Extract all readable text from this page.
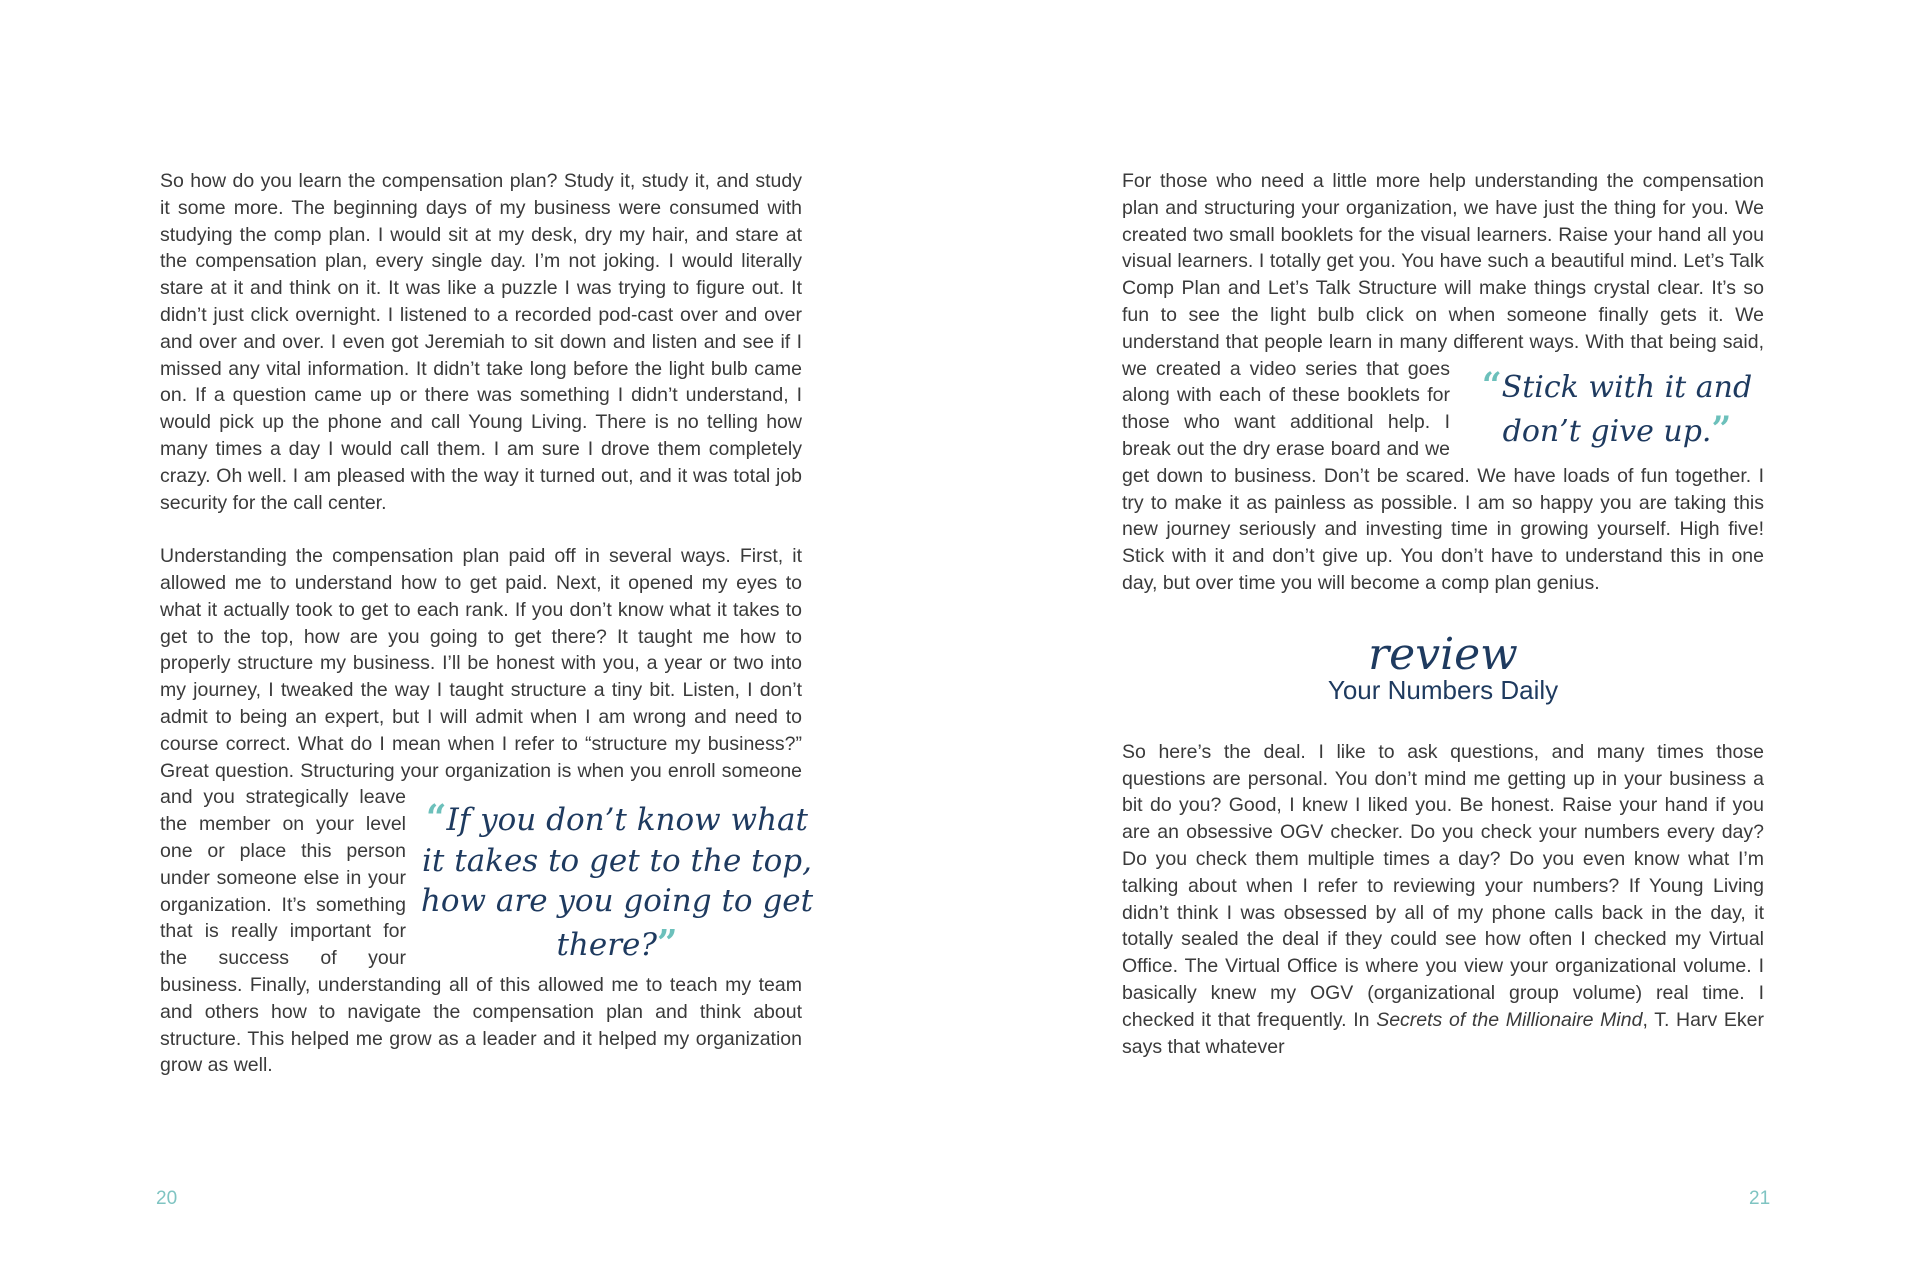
So how do you learn the compensation plan? Study it, study it, and study it some more. The beginning days of my business were consumed with studying the comp plan. I would sit at my desk, dry my hair, and stare at the compensation plan, every single day. I’m not joking. I would literally stare at it and think on it. It was like a puzzle I was trying to figure out. It didn’t just click overnight. I listened to a recorded pod-cast over and over and over and over. I even got Jeremiah to sit down and listen and see if I missed any vital information. It didn’t take long before the light bulb came on. If a question came up or there was something I didn’t understand, I would pick up the phone and call Young Living. There is no telling how many times a day I would call them. I am sure I drove them completely crazy. Oh well. I am pleased with the way it turned out, and it was total job security for the call center.

Understanding the compensation plan paid off in several ways. First, it allowed me to understand how to get paid. Next, it opened my eyes to what it actually took to get to each rank. If you don’t know what it takes to get to the top, how are you going to get there? It taught me how to properly structure my business. I’ll be honest with you, a year or two into my journey, I tweaked the way I taught structure a tiny bit. Listen, I don’t admit to being an expert, but I will admit when I am wrong and need to course correct. What do I mean when I refer to “structure my business?” Great question. Structuring your organization is when
“If you don’t know what it takes to get to the top, how are you going to get there?”
you enroll someone and you strategically leave the member on your level one or place this person under someone else in your organization. It’s something that is really important for the success of your business. Finally, understanding all of this allowed me to teach my team and others how to navigate the compensation plan and think about structure. This helped me grow as a leader and it helped my organization grow as well.
20
For those who need a little more help understanding the compensation plan and structuring your organization, we have just the thing for you. We created two small booklets for the visual learners. Raise your hand all you visual learners. I totally get you. You have such a beautiful mind. Let’s Talk Comp Plan and Let’s Talk Structure will make things crystal clear. It’s so fun to see the light bulb click on when someone finally gets it. We understand that people learn in many different ways. With that
“Stick with it and don’t give up.”
being said, we created a video series that goes along with each of these booklets for those who want additional help. I break out the dry erase board and we get down to business. Don’t be scared. We have loads of fun together. I try to make it as painless as possible. I am so happy you are taking this new journey seriously and investing time in growing yourself. High five! Stick with it and don’t give up. You don’t have to understand this in one day, but over time you will become a comp plan genius.
review
Your Numbers Daily

So here’s the deal. I like to ask questions, and many times those questions are personal. You don’t mind me getting up in your business a bit do you? Good, I knew I liked you. Be honest. Raise your hand if you are an obsessive OGV checker. Do you check your numbers every day? Do you check them multiple times a day? Do you even know what I’m talking about when I refer to reviewing your numbers? If Young Living didn’t think I was obsessed by all of my phone calls back in the day, it totally sealed the deal if they could see how often I checked my Virtual Office. The Virtual Office is where you view your organizational volume. I basically knew my OGV (organizational group volume) real time. I checked it that frequently. In Secrets of the Millionaire Mind, T. Harv Eker says that whatever

21
